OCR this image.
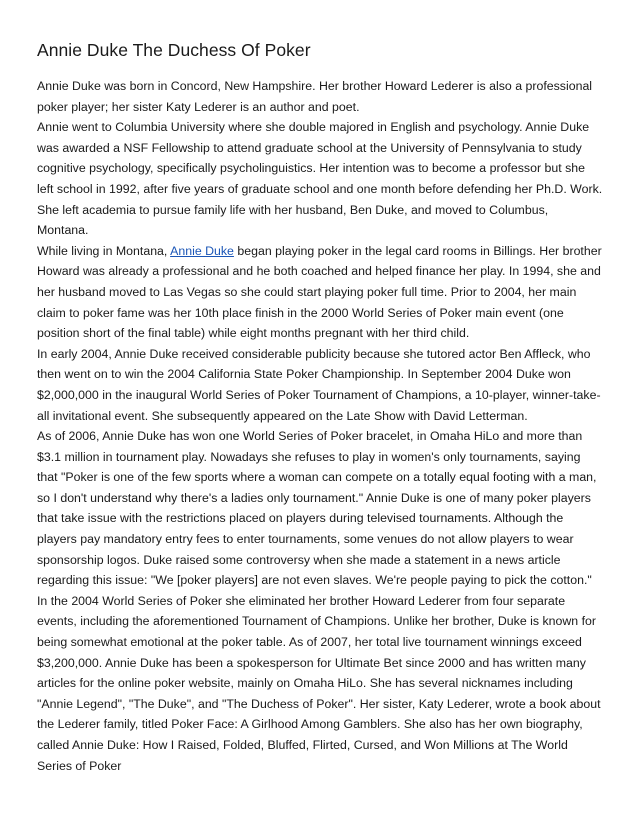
Annie Duke The Duchess Of Poker

Annie Duke was born in Concord, New Hampshire. Her brother Howard Lederer is also a professional poker player; her sister Katy Lederer is an author and poet.

Annie went to Columbia University where she double majored in English and psychology. Annie Duke was awarded a NSF Fellowship to attend graduate school at the University of Pennsylvania to study cognitive psychology, specifically psycholinguistics. Her intention was to become a professor but she left school in 1992, after five years of graduate school and one month before defending her Ph.D. Work. She left academia to pursue family life with her husband, Ben Duke, and moved to Columbus, Montana.

While living in Montana, Annie Duke began playing poker in the legal card rooms in Billings. Her brother Howard was already a professional and he both coached and helped finance her play. In 1994, she and her husband moved to Las Vegas so she could start playing poker full time. Prior to 2004, her main claim to poker fame was her 10th place finish in the 2000 World Series of Poker main event (one position short of the final table) while eight months pregnant with her third child.

In early 2004, Annie Duke received considerable publicity because she tutored actor Ben Affleck, who then went on to win the 2004 California State Poker Championship. In September 2004 Duke won $2,000,000 in the inaugural World Series of Poker Tournament of Champions, a 10-player, winner-take-all invitational event. She subsequently appeared on the Late Show with David Letterman.

As of 2006, Annie Duke has won one World Series of Poker bracelet, in Omaha HiLo and more than $3.1 million in tournament play. Nowadays she refuses to play in women's only tournaments, saying that "Poker is one of the few sports where a woman can compete on a totally equal footing with a man, so I don't understand why there's a ladies only tournament." Annie Duke is one of many poker players that take issue with the restrictions placed on players during televised tournaments. Although the players pay mandatory entry fees to enter tournaments, some venues do not allow players to wear sponsorship logos. Duke raised some controversy when she made a statement in a news article regarding this issue: "We [poker players] are not even slaves. We're people paying to pick the cotton."

In the 2004 World Series of Poker she eliminated her brother Howard Lederer from four separate events, including the aforementioned Tournament of Champions. Unlike her brother, Duke is known for being somewhat emotional at the poker table. As of 2007, her total live tournament winnings exceed $3,200,000. Annie Duke has been a spokesperson for Ultimate Bet since 2000 and has written many articles for the online poker website, mainly on Omaha HiLo. She has several nicknames including "Annie Legend", "The Duke", and "The Duchess of Poker". Her sister, Katy Lederer, wrote a book about the Lederer family, titled Poker Face: A Girlhood Among Gamblers. She also has her own biography, called Annie Duke: How I Raised, Folded, Bluffed, Flirted, Cursed, and Won Millions at The World Series of Poker
